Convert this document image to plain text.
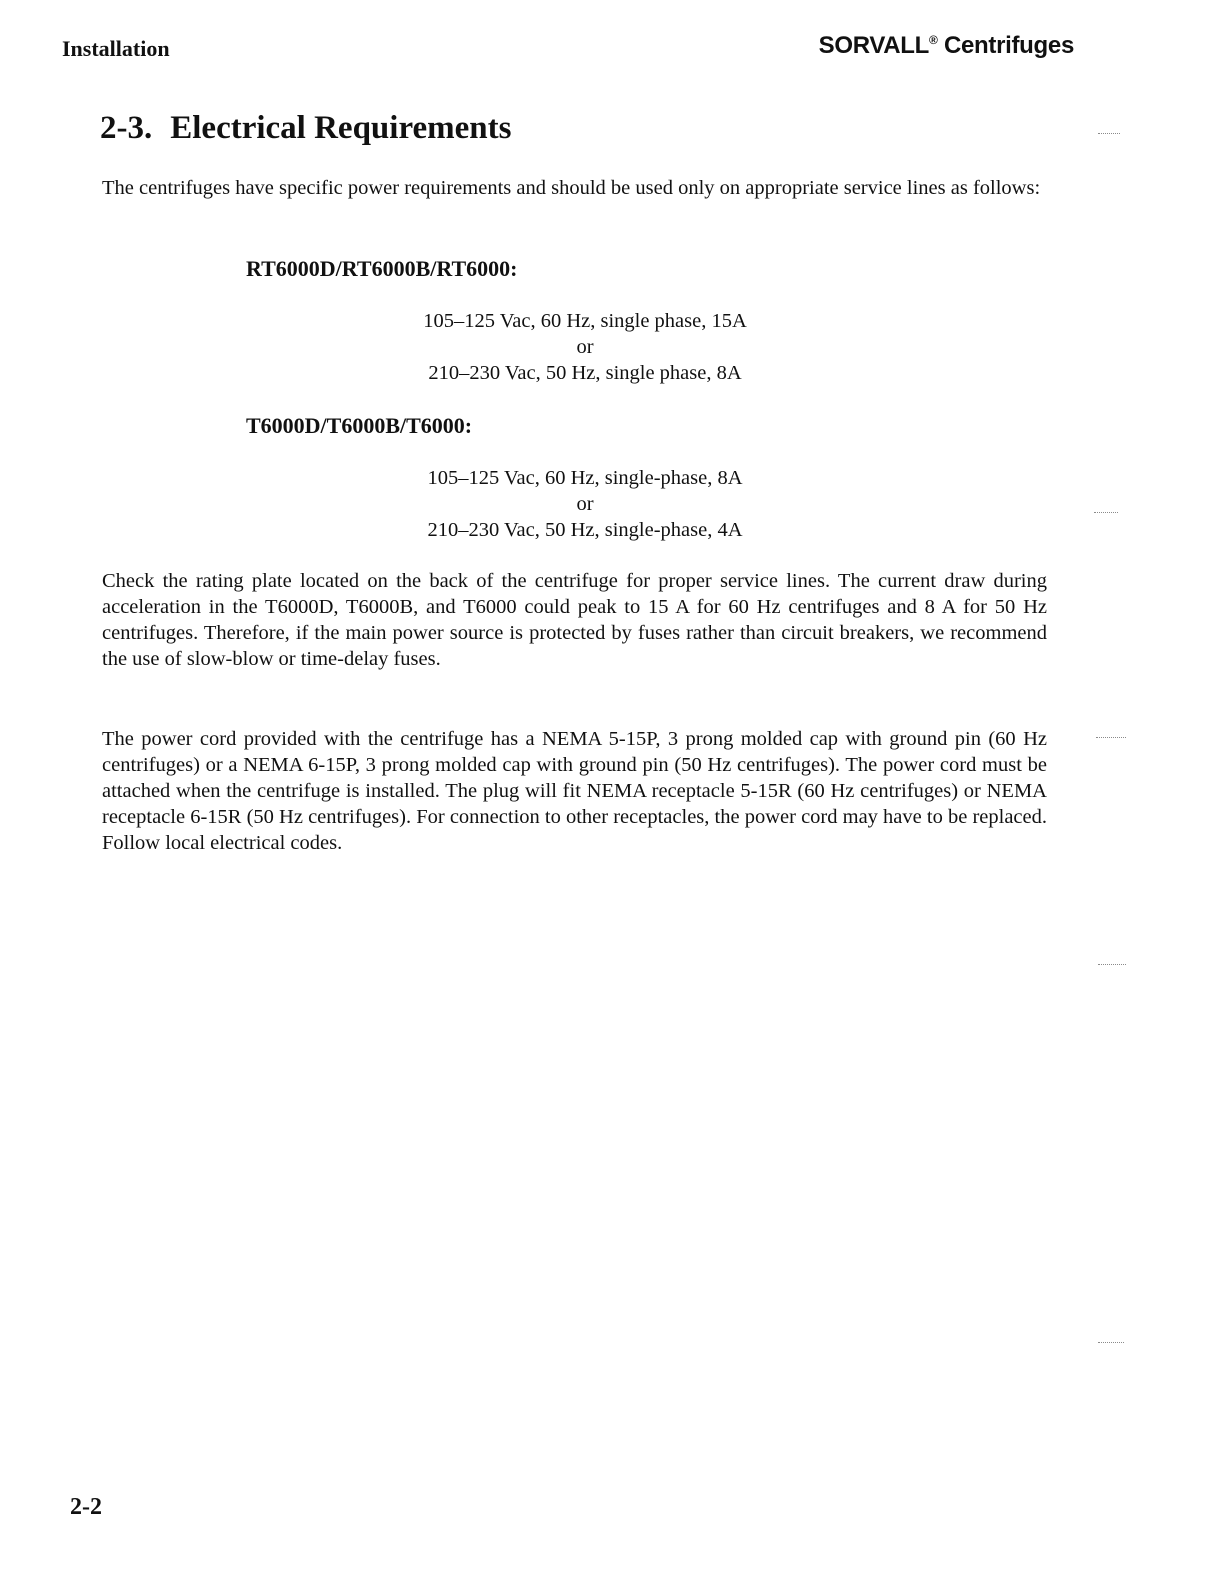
Installation	SORVALL® Centrifuges
2-3. Electrical Requirements

The centrifuges have specific power requirements and should be used only on appropriate service lines as follows:

RT6000D/RT6000B/RT6000:
105–125 Vac, 60 Hz, single phase, 15A
or
210–230 Vac, 50 Hz, single phase, 8A
T6000D/T6000B/T6000:
105–125 Vac, 60 Hz, single-phase, 8A
or
210–230 Vac, 50 Hz, single-phase, 4A

Check the rating plate located on the back of the centrifuge for proper service lines. The current draw during acceleration in the T6000D, T6000B, and T6000 could peak to 15 A for 60 Hz centrifuges and 8 A for 50 Hz centrifuges. Therefore, if the main power source is protected by fuses rather than circuit breakers, we recommend the use of slow-blow or time-delay fuses.

The power cord provided with the centrifuge has a NEMA 5-15P, 3 prong molded cap with ground pin (60 Hz centrifuges) or a NEMA 6-15P, 3 prong molded cap with ground pin (50 Hz centrifuges). The power cord must be attached when the centrifuge is installed. The plug will fit NEMA receptacle 5-15R (60 Hz centrifuges) or NEMA receptacle 6-15R (50 Hz centrifuges). For connection to other receptacles, the power cord may have to be replaced. Follow local electrical codes.

2-2
